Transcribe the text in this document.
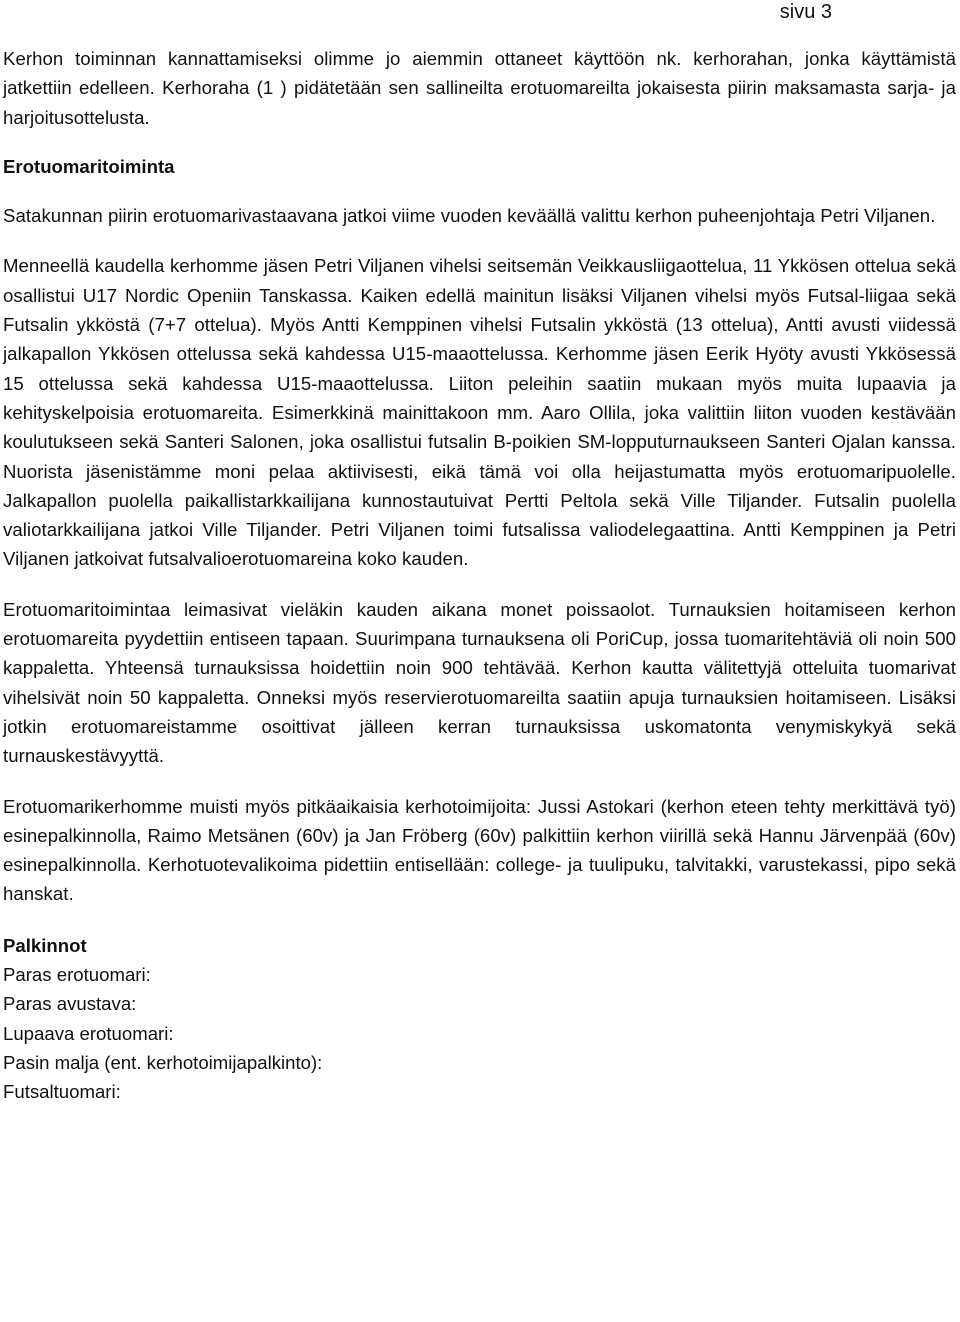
sivu 3

Kerhon toiminnan kannattamiseksi olimme jo aiemmin ottaneet käyttöön nk. kerhorahan, jonka käyttämistä jatkettiin edelleen. Kerhoraha (1 ) pidätetään sen sallineilta erotuomareilta jokaisesta piirin maksamasta sarja- ja harjoitusottelusta.

Erotuomaritoiminta

Satakunnan piirin erotuomarivastaavana jatkoi viime vuoden keväällä valittu kerhon puheenjohtaja Petri Viljanen.

Menneellä kaudella kerhomme jäsen Petri Viljanen vihelsi seitsemän Veikkausliigaottelua, 11 Ykkösen ottelua sekä osallistui U17 Nordic Openiin Tanskassa. Kaiken edellä mainitun lisäksi Viljanen vihelsi myös Futsal-liigaa sekä Futsalin ykköstä (7+7 ottelua). Myös Antti Kemppinen vihelsi Futsalin ykköstä (13 ottelua), Antti avusti viidessä jalkapallon Ykkösen ottelussa sekä kahdessa U15-maaottelussa. Kerhomme jäsen Eerik Hyöty avusti Ykkösessä 15 ottelussa sekä kahdessa U15-maaottelussa. Liiton peleihin saatiin mukaan myös muita lupaavia ja kehityskelpoisia erotuomareita. Esimerkkinä mainittakoon mm. Aaro Ollila, joka valittiin liiton vuoden kestävään koulutukseen sekä Santeri Salonen, joka osallistui futsalin B-poikien SM-lopputurnaukseen Santeri Ojalan kanssa. Nuorista jäsenistämme moni pelaa aktiivisesti, eikä tämä voi olla heijastumatta myös erotuomaripuolelle. Jalkapallon puolella paikallistarkkailijana kunnostautuivat Pertti Peltola sekä Ville Tiljander. Futsalin puolella valiotarkkailijana jatkoi Ville Tiljander. Petri Viljanen toimi futsalissa valiodelegaattina. Antti Kemppinen ja Petri Viljanen jatkoivat futsalvalioerotuomareina koko kauden.

Erotuomaritoimintaa leimasivat vieläkin kauden aikana monet poissaolot. Turnauksien hoitamiseen kerhon erotuomareita pyydettiin entiseen tapaan. Suurimpana turnauksena oli PoriCup, jossa tuomaritehtäviä oli noin 500 kappaletta. Yhteensä turnauksissa hoidettiin noin 900 tehtävää. Kerhon kautta välitettyjä otteluita tuomarivat vihelsivät noin 50 kappaletta. Onneksi myös reservierotuomareilta saatiin apuja turnauksien hoitamiseen. Lisäksi jotkin erotuomareistamme osoittivat jälleen kerran turnauksissa uskomatonta venymiskykyä sekä turnauskestävyyttä.

Erotuomarikerhomme muisti myös pitkäaikaisia kerhotoimijoita: Jussi Astokari (kerhon eteen tehty merkittävä työ) esinepalkinnolla, Raimo Metsänen (60v) ja Jan Fröberg (60v) palkittiin kerhon viirillä sekä Hannu Järvenpää (60v) esinepalkinnolla. Kerhotuotevalikoima pidettiin entisellään: college- ja tuulipuku, talvitakki, varustekassi, pipo sekä hanskat.

Palkinnot
Paras erotuomari:
Paras avustava:
Lupaava erotuomari:
Pasin malja (ent. kerhotoimijapalkinto):
Futsaltuomari:
